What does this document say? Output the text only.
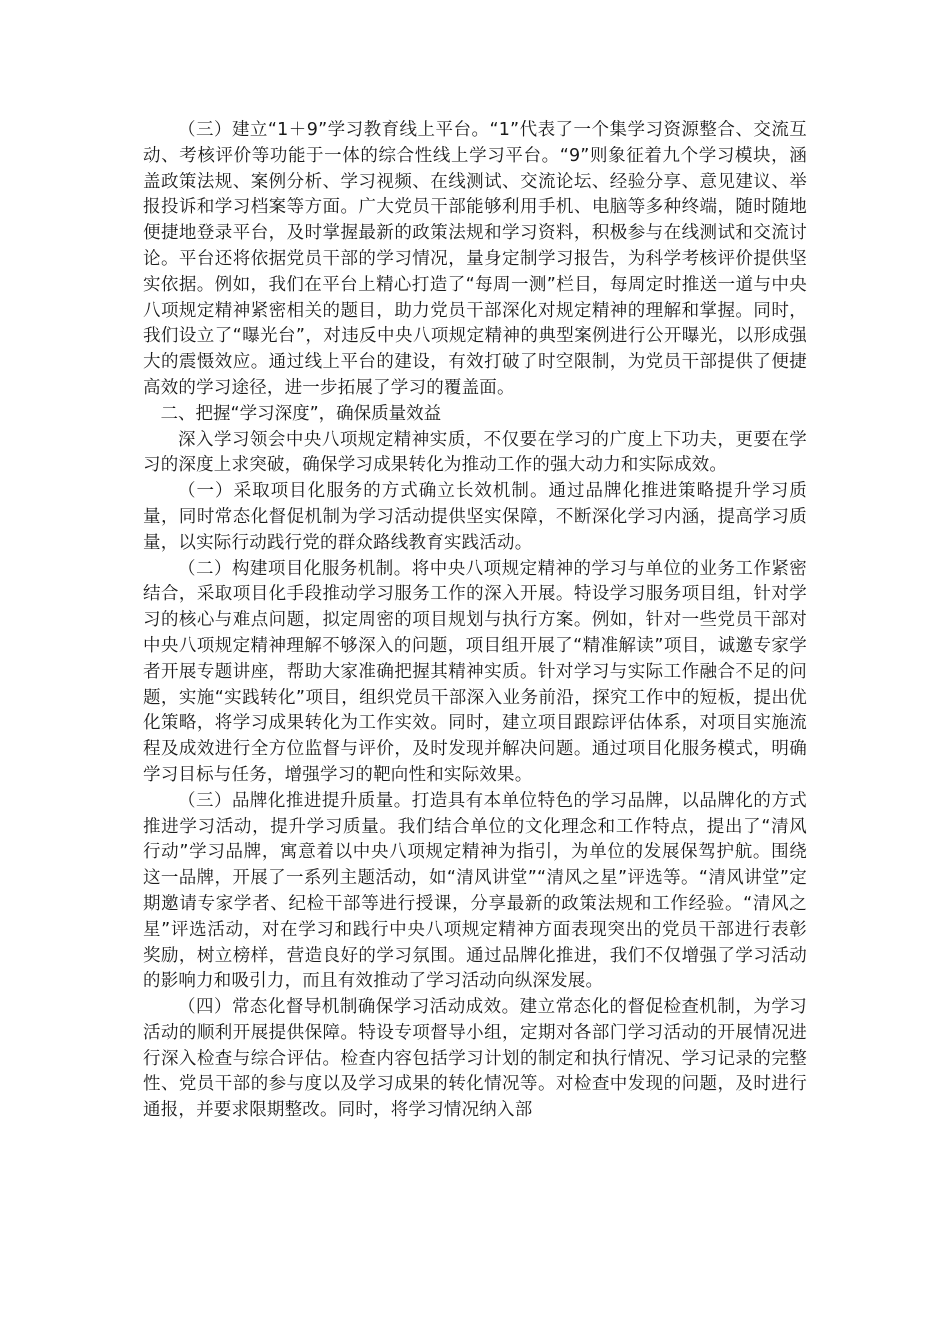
（三）建立“1＋9”学习教育线上平台。“1”代表了一个集学习资源整合、交流互动、考核评价等功能于一体的综合性线上学习平台。“9”则象征着九个学习模块，涵盖政策法规、案例分析、学习视频、在线测试、交流论坛、经验分享、意见建议、举报投诉和学习档案等方面。广大党员干部能够利用手机、电脑等多种终端，随时随地便捷地登录平台，及时掌握最新的政策法规和学习资料，积极参与在线测试和交流讨论。平台还将依据党员干部的学习情况，量身定制学习报告，为科学考核评价提供坚实依据。例如，我们在平台上精心打造了“每周一测”栏目，每周定时推送一道与中央八项规定精神紧密相关的题目，助力党员干部深化对规定精神的理解和掌握。同时，我们设立了“曝光台”，对违反中央八项规定精神的典型案例进行公开曝光，以形成强大的震慑效应。通过线上平台的建设，有效打破了时空限制，为党员干部提供了便捷高效的学习途径，进一步拓展了学习的覆盖面。

二、把握“学习深度”，确保质量效益

深入学习领会中央八项规定精神实质，不仅要在学习的广度上下功夫，更要在学习的深度上求突破，确保学习成果转化为推动工作的强大动力和实际成效。

（一）采取项目化服务的方式确立长效机制。通过品牌化推进策略提升学习质量，同时常态化督促机制为学习活动提供坚实保障，不断深化学习内涵，提高学习质量，以实际行动践行党的群众路线教育实践活动。

（二）构建项目化服务机制。将中央八项规定精神的学习与单位的业务工作紧密结合，采取项目化手段推动学习服务工作的深入开展。特设学习服务项目组，针对学习的核心与难点问题，拟定周密的项目规划与执行方案。例如，针对一些党员干部对中央八项规定精神理解不够深入的问题，项目组开展了“精准解读”项目，诚邀专家学者开展专题讲座，帮助大家准确把握其精神实质。针对学习与实际工作融合不足的问题，实施“实践转化”项目，组织党员干部深入业务前沿，探究工作中的短板，提出优化策略，将学习成果转化为工作实效。同时，建立项目跟踪评估体系，对项目实施流程及成效进行全方位监督与评价，及时发现并解决问题。通过项目化服务模式，明确学习目标与任务，增强学习的靶向性和实际效果。

（三）品牌化推进提升质量。打造具有本单位特色的学习品牌，以品牌化的方式推进学习活动，提升学习质量。我们结合单位的文化理念和工作特点，提出了“清风行动”学习品牌，寓意着以中央八项规定精神为指引，为单位的发展保驾护航。围绕这一品牌，开展了一系列主题活动，如“清风讲堂”“清风之星”评选等。“清风讲堂”定期邀请专家学者、纪检干部等进行授课，分享最新的政策法规和工作经验。“清风之星”评选活动，对在学习和践行中央八项规定精神方面表现突出的党员干部进行表彰奖励，树立榜样，营造良好的学习氛围。通过品牌化推进，我们不仅增强了学习活动的影响力和吸引力，而且有效推动了学习活动向纵深发展。

（四）常态化督导机制确保学习活动成效。建立常态化的督促检查机制，为学习活动的顺利开展提供保障。特设专项督导小组，定期对各部门学习活动的开展情况进行深入检查与综合评估。检查内容包括学习计划的制定和执行情况、学习记录的完整性、党员干部的参与度以及学习成果的转化情况等。对检查中发现的问题，及时进行通报，并要求限期整改。同时，将学习情况纳入部
